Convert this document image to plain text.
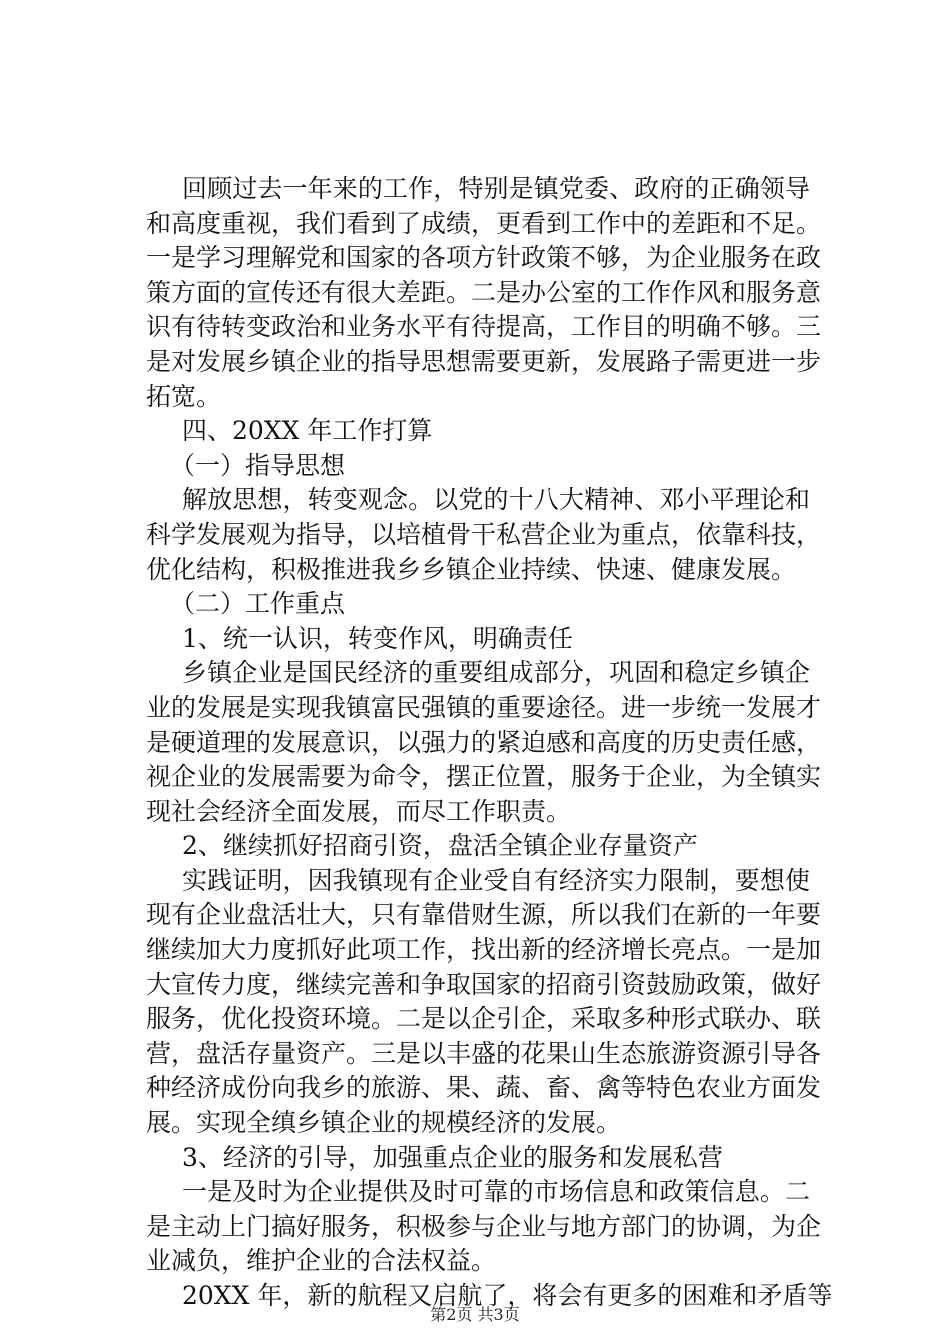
回顾过去一年来的工作，特别是镇党委、政府的正确领导
和高度重视，我们看到了成绩，更看到工作中的差距和不足。
一是学习理解党和国家的各项方针政策不够，为企业服务在政
策方面的宣传还有很大差距。二是办公室的工作作风和服务意
识有待转变政治和业务水平有待提高，工作目的明确不够。三
是对发展乡镇企业的指导思想需要更新，发展路子需更进一步
拓宽。
四、20XX 年工作打算
（一）指导思想
解放思想，转变观念。以党的十八大精神、邓小平理论和
科学发展观为指导，以培植骨干私营企业为重点，依靠科技，
优化结构，积极推进我乡乡镇企业持续、快速、健康发展。
（二）工作重点
1、统一认识，转变作风，明确责任
乡镇企业是国民经济的重要组成部分，巩固和稳定乡镇企
业的发展是实现我镇富民强镇的重要途径。进一步统一发展才
是硬道理的发展意识，以强力的紧迫感和高度的历史责任感，
视企业的发展需要为命令，摆正位置，服务于企业，为全镇实
现社会经济全面发展，而尽工作职责。
2、继续抓好招商引资，盘活全镇企业存量资产
实践证明，因我镇现有企业受自有经济实力限制，要想使
现有企业盘活壮大，只有靠借财生源，所以我们在新的一年要
继续加大力度抓好此项工作，找出新的经济增长亮点。一是加
大宣传力度，继续完善和争取国家的招商引资鼓励政策，做好
服务，优化投资环境。二是以企引企，采取多种形式联办、联
营，盘活存量资产。三是以丰盛的花果山生态旅游资源引导各
种经济成份向我乡的旅游、果、蔬、畜、禽等特色农业方面发
展。实现全缜乡镇企业的规模经济的发展。
3、经济的引导，加强重点企业的服务和发展私营
一是及时为企业提供及时可靠的市场信息和政策信息。二
是主动上门搞好服务，积极参与企业与地方部门的协调，为企
业减负，维护企业的合法权益。
20XX 年，新的航程又启航了，将会有更多的困难和矛盾等
第2页 共3页
